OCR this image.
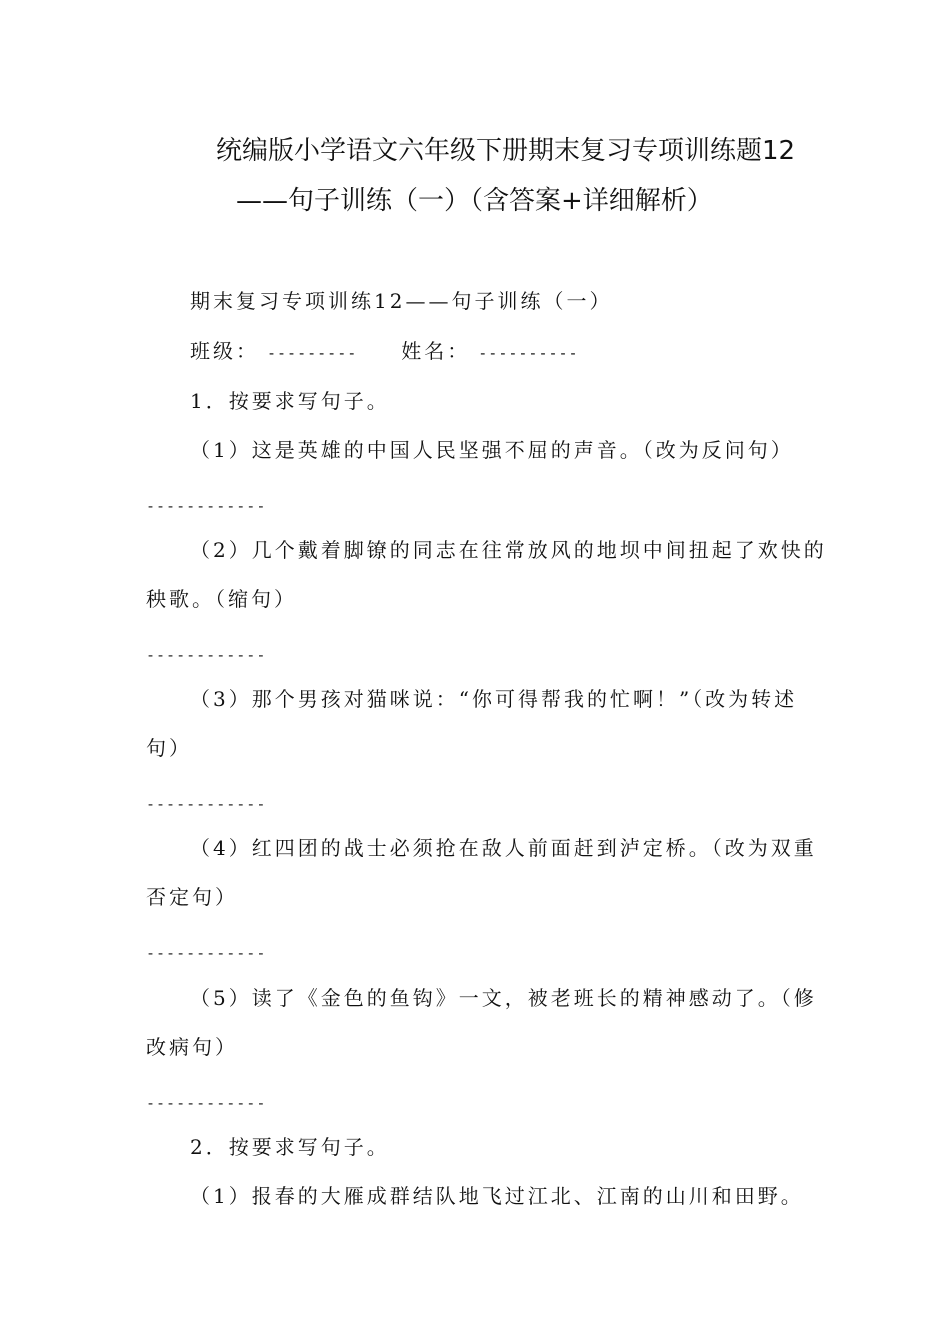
统编版小学语文六年级下册期末复习专项训练题12
——句子训练（一）（含答案+详细解析）
期末复习专项训练12——句子训练（一）
班级： --------- 姓名： ----------
1．按要求写句子。
（1）这是英雄的中国人民坚强不屈的声音。（改为反问句）
------------
（2）几个戴着脚镣的同志在往常放风的地坝中间扭起了欢快的
秧歌。（缩句）
------------
（3）那个男孩对猫咪说：“你可得帮我的忙啊！”（改为转述
句）
------------
（4）红四团的战士必须抢在敌人前面赶到泸定桥。（改为双重
否定句）
------------
（5）读了《金色的鱼钩》一文，被老班长的精神感动了。（修
改病句）
------------
2．按要求写句子。
（1）报春的大雁成群结队地飞过江北、江南的山川和田野。
